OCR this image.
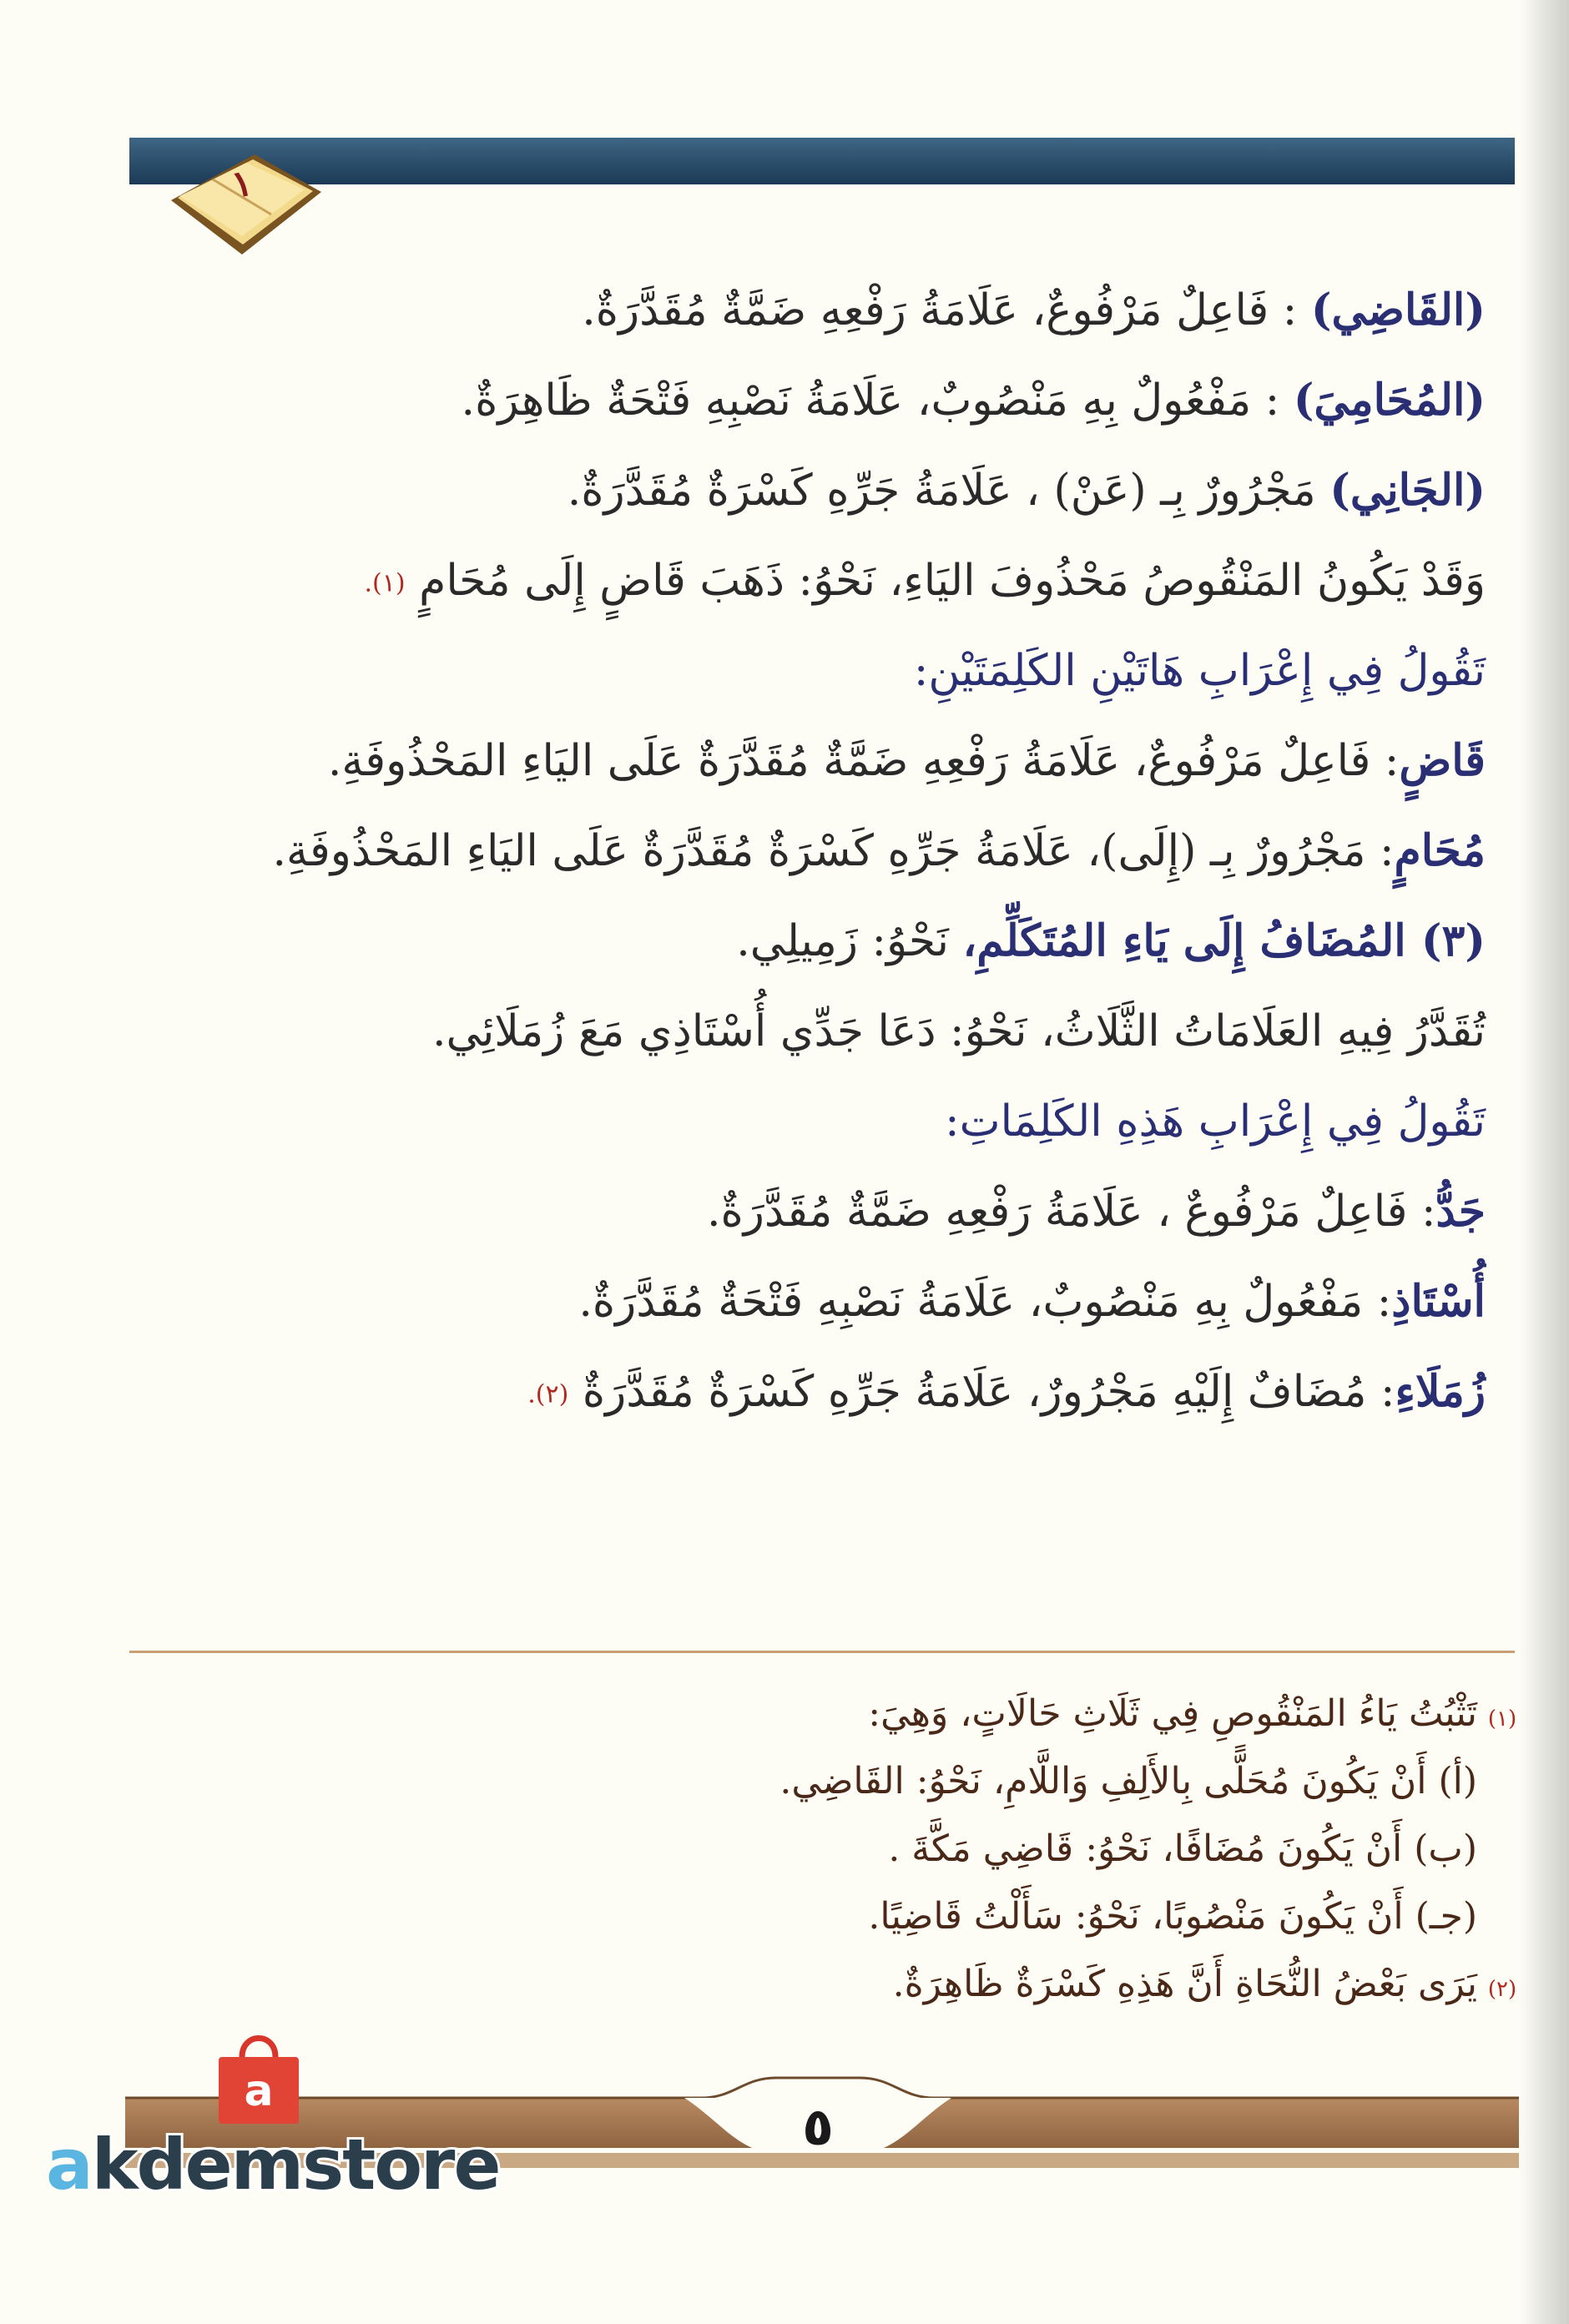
١
(القَاضِي) : فَاعِلٌ مَرْفُوعٌ، عَلَامَةُ رَفْعِهِ ضَمَّةٌ مُقَدَّرَةٌ.
(المُحَامِيَ) : مَفْعُولٌ بِهِ مَنْصُوبٌ، عَلَامَةُ نَصْبِهِ فَتْحَةٌ ظَاهِرَةٌ.
(الجَانِي) مَجْرُورٌ بِـ (عَنْ) ، عَلَامَةُ جَرِّهِ كَسْرَةٌ مُقَدَّرَةٌ.
وَقَدْ يَكُونُ المَنْقُوصُ مَحْذُوفَ اليَاءِ، نَحْوُ: ذَهَبَ قَاضٍ إِلَى مُحَامٍ (١).
تَقُولُ فِي إِعْرَابِ هَاتَيْنِ الكَلِمَتَيْنِ:
قَاضٍ: فَاعِلٌ مَرْفُوعٌ، عَلَامَةُ رَفْعِهِ ضَمَّةٌ مُقَدَّرَةٌ عَلَى اليَاءِ المَحْذُوفَةِ.
مُحَامٍ: مَجْرُورٌ بِـ (إِلَى)، عَلَامَةُ جَرِّهِ كَسْرَةٌ مُقَدَّرَةٌ عَلَى اليَاءِ المَحْذُوفَةِ.
(٣) المُضَافُ إِلَى يَاءِ المُتَكَلِّمِ، نَحْوُ: زَمِيلِي.
تُقَدَّرُ فِيهِ العَلَامَاتُ الثَّلَاثُ، نَحْوُ: دَعَا جَدِّي أُسْتَاذِي مَعَ زُمَلَائِي.
تَقُولُ فِي إِعْرَابِ هَذِهِ الكَلِمَاتِ:
جَدُّ: فَاعِلٌ مَرْفُوعٌ ، عَلَامَةُ رَفْعِهِ ضَمَّةٌ مُقَدَّرَةٌ.
أُسْتَاذِ: مَفْعُولٌ بِهِ مَنْصُوبٌ، عَلَامَةُ نَصْبِهِ فَتْحَةٌ مُقَدَّرَةٌ.
زُمَلَاءِ: مُضَافٌ إِلَيْهِ مَجْرُورٌ، عَلَامَةُ جَرِّهِ كَسْرَةٌ مُقَدَّرَةٌ (٢).
(١)تَثْبُتُ يَاءُ المَنْقُوصِ فِي ثَلَاثِ حَالَاتٍ، وَهِيَ:
(أ) أَنْ يَكُونَ مُحَلًّى بِالأَلِفِ وَاللَّامِ، نَحْوُ: القَاضِي.
(ب) أَنْ يَكُونَ مُضَافًا، نَحْوُ: قَاضِي مَكَّةَ .
(جـ) أَنْ يَكُونَ مَنْصُوبًا، نَحْوُ: سَأَلْتُ قَاضِيًا.
(٢)يَرَى بَعْضُ النُّحَاةِ أَنَّ هَذِهِ كَسْرَةٌ ظَاهِرَةٌ.
٥
a
akdemstore
